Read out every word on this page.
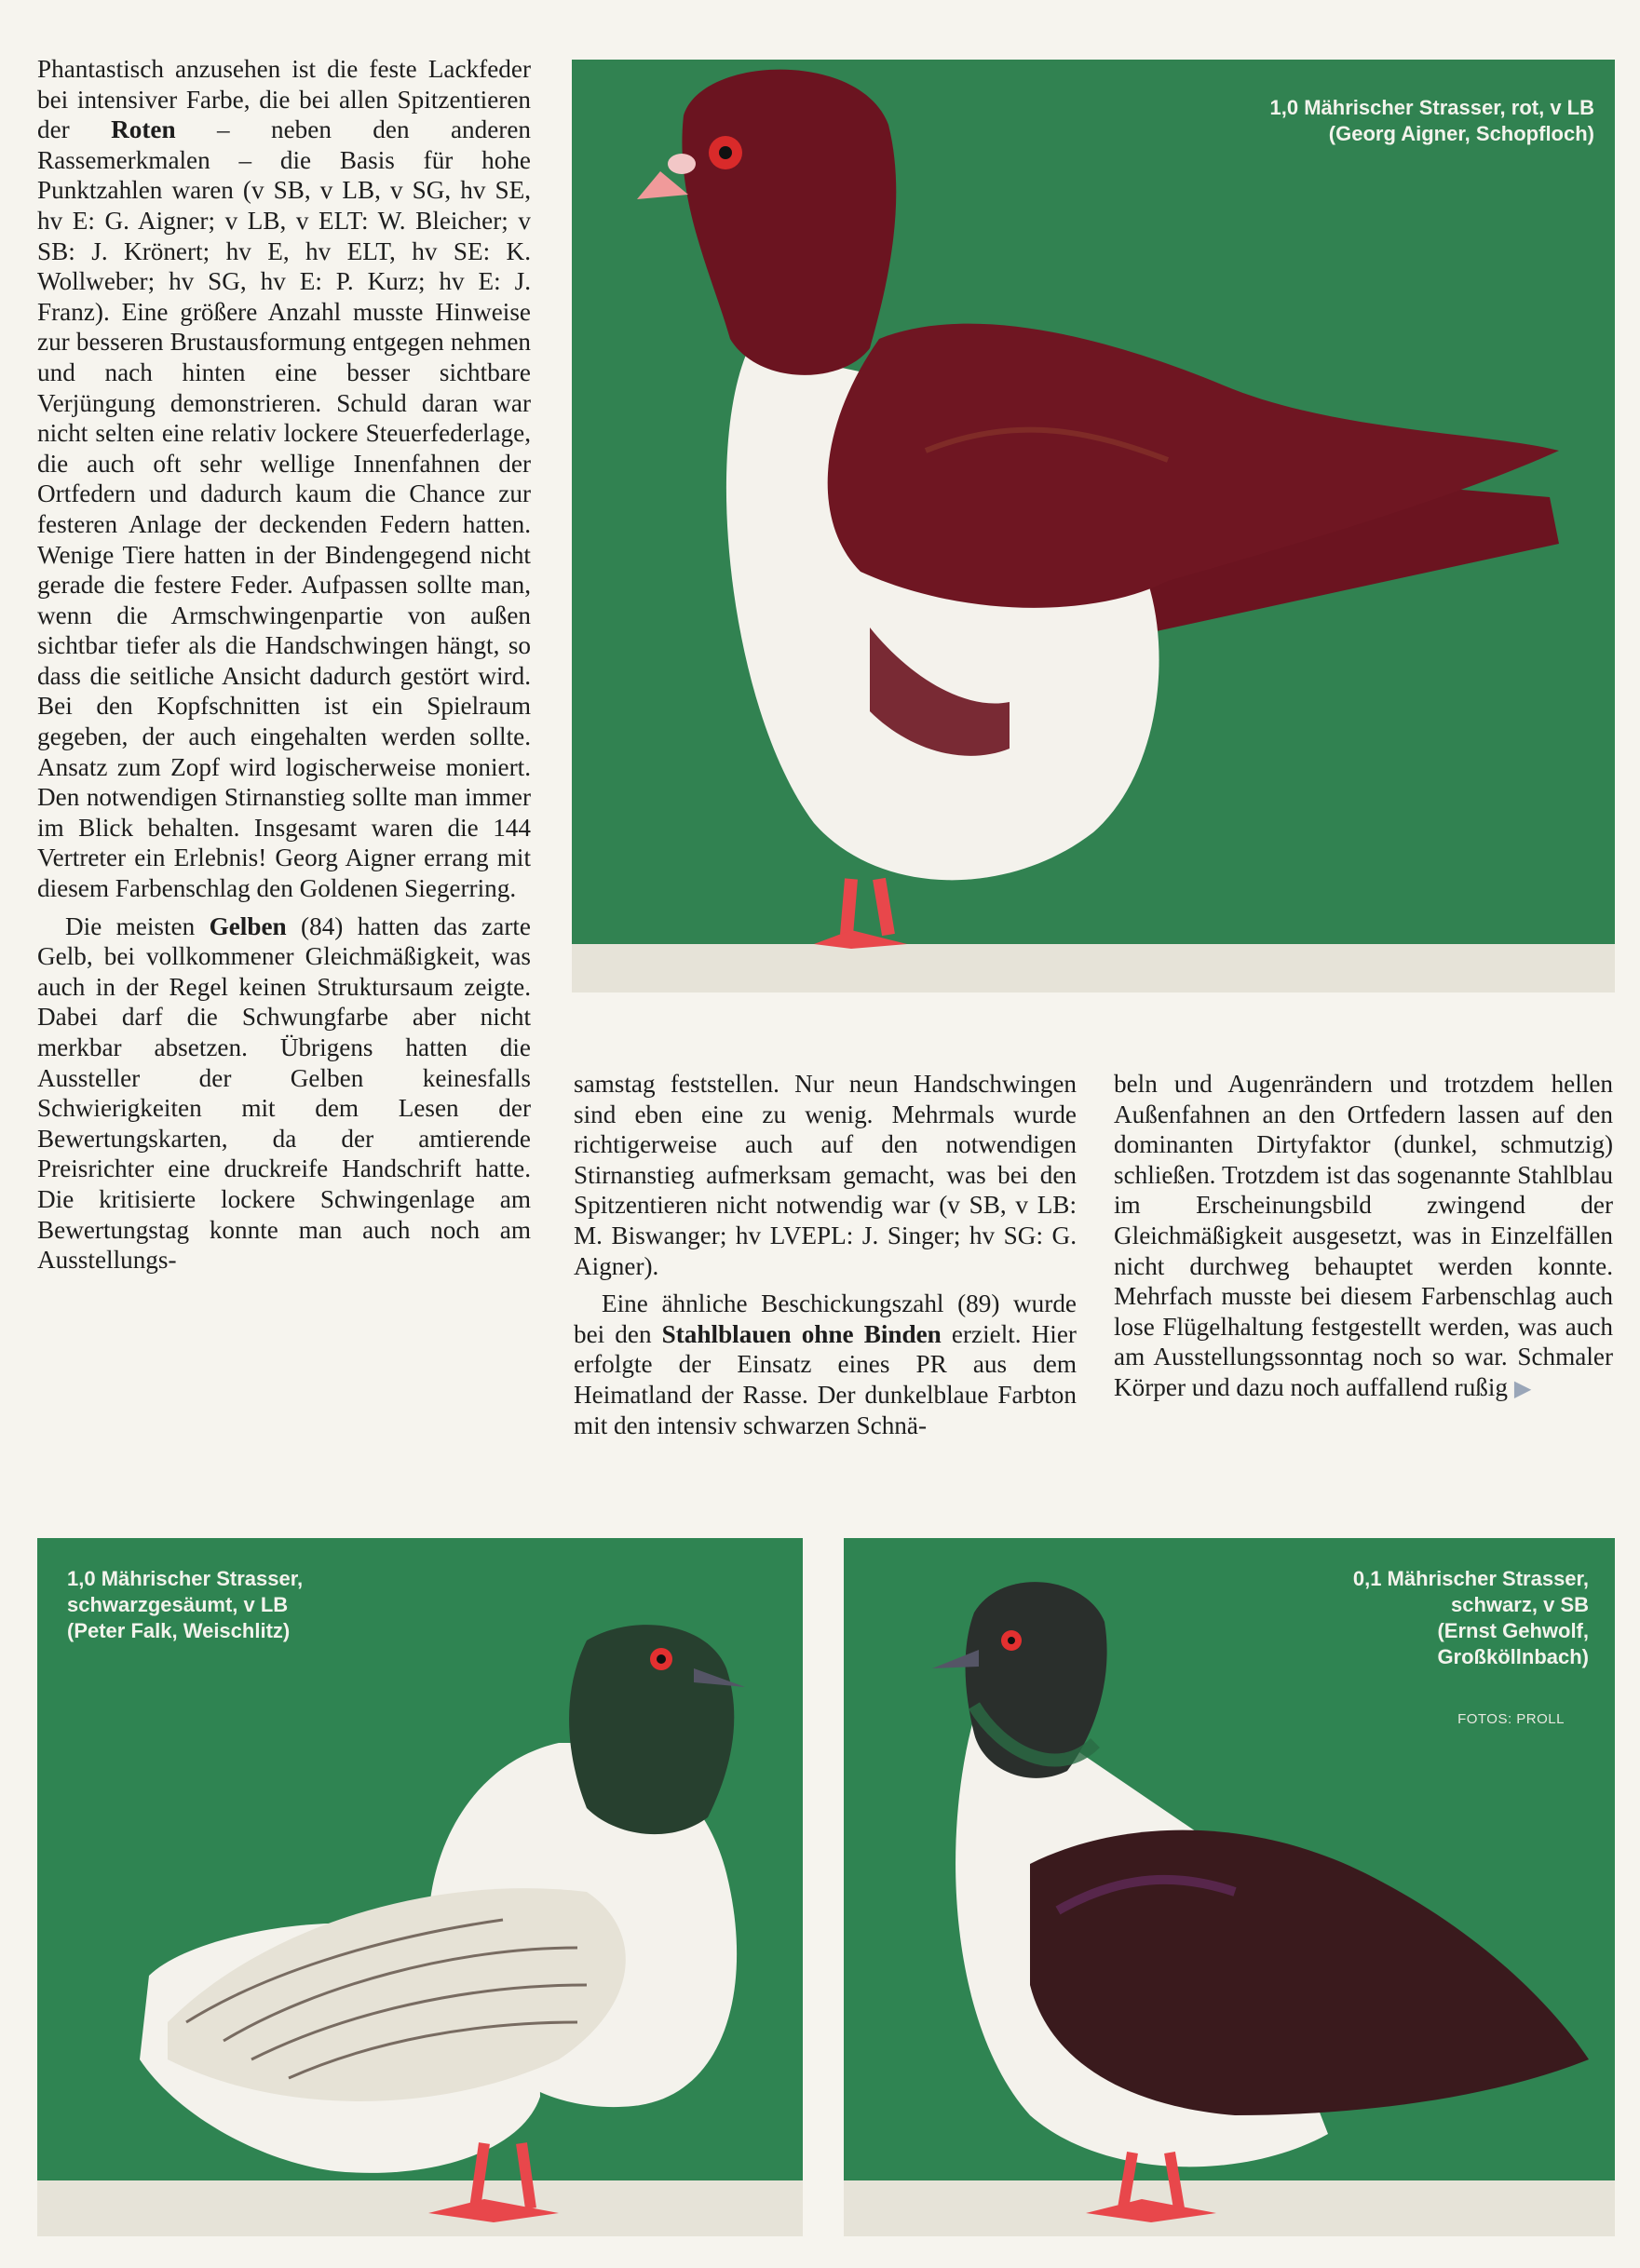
Phantastisch anzusehen ist die feste Lackfeder bei intensiver Farbe, die bei allen Spitzentieren der Roten – neben den anderen Rassemerkmalen – die Basis für hohe Punktzahlen waren (v SB, v LB, v SG, hv SE, hv E: G. Aigner; v LB, v ELT: W. Bleicher; v SB: J. Krönert; hv E, hv ELT, hv SE: K. Wollweber; hv SG, hv E: P. Kurz; hv E: J. Franz). Eine größere Anzahl musste Hinweise zur besseren Brustausformung entgegen nehmen und nach hinten eine besser sichtbare Verjüngung demonstrieren. Schuld daran war nicht selten eine relativ lockere Steuerfederlage, die auch oft sehr wellige Innenfahnen der Ortfedern und dadurch kaum die Chance zur festeren Anlage der deckenden Federn hatten. Wenige Tiere hatten in der Bindengegend nicht gerade die festere Feder. Aufpassen sollte man, wenn die Armschwingenpartie von außen sichtbar tiefer als die Handschwingen hängt, so dass die seitliche Ansicht dadurch gestört wird. Bei den Kopfschnitten ist ein Spielraum gegeben, der auch eingehalten werden sollte. Ansatz zum Zopf wird logischerweise moniert. Den notwendigen Stirnanstieg sollte man immer im Blick behalten. Insgesamt waren die 144 Vertreter ein Erlebnis! Georg Aigner errang mit diesem Farbenschlag den Goldenen Siegerring.

Die meisten Gelben (84) hatten das zarte Gelb, bei vollkommener Gleichmäßigkeit, was auch in der Regel keinen Struktursaum zeigte. Dabei darf die Schwungfarbe aber nicht merkbar absetzen. Übrigens hatten die Aussteller der Gelben keinesfalls Schwierigkeiten mit dem Lesen der Bewertungskarten, da der amtierende Preisrichter eine druckreife Handschrift hatte. Die kritisierte lockere Schwingenlage am Bewertungstag konnte man auch noch am Ausstellungs-

samstag feststellen. Nur neun Handschwingen sind eben eine zu wenig. Mehrmals wurde richtigerweise auch auf den notwendigen Stirnanstieg aufmerksam gemacht, was bei den Spitzentieren nicht notwendig war (v SB, v LB: M. Biswanger; hv LVEPL: J. Singer; hv SG: G. Aigner).

Eine ähnliche Beschickungszahl (89) wurde bei den Stahlblauen ohne Binden erzielt. Hier erfolgte der Einsatz eines PR aus dem Heimatland der Rasse. Der dunkelblaue Farbton mit den intensiv schwarzen Schnä-

beln und Augenrändern und trotzdem hellen Außenfahnen an den Ortfedern lassen auf den dominanten Dirtyfaktor (dunkel, schmutzig) schließen. Trotzdem ist das sogenannte Stahlblau im Erscheinungsbild zwingend der Gleichmäßigkeit ausgesetzt, was in Einzelfällen nicht durchweg behauptet werden konnte. Mehrfach musste bei diesem Farbenschlag auch lose Flügelhaltung festgestellt werden, was auch am Ausstellungssonntag noch so war. Schmaler Körper und dazu noch auffallend rußig ▶

1,0 Mährischer Strasser, rot, v LB
(Georg Aigner, Schopfloch)
1,0 Mährischer Strasser,
schwarzgesäumt, v LB
(Peter Falk, Weischlitz)
0,1 Mährischer Strasser,
schwarz, v SB
(Ernst Gehwolf,
Großköllnbach)
FOTOS: PROLL
